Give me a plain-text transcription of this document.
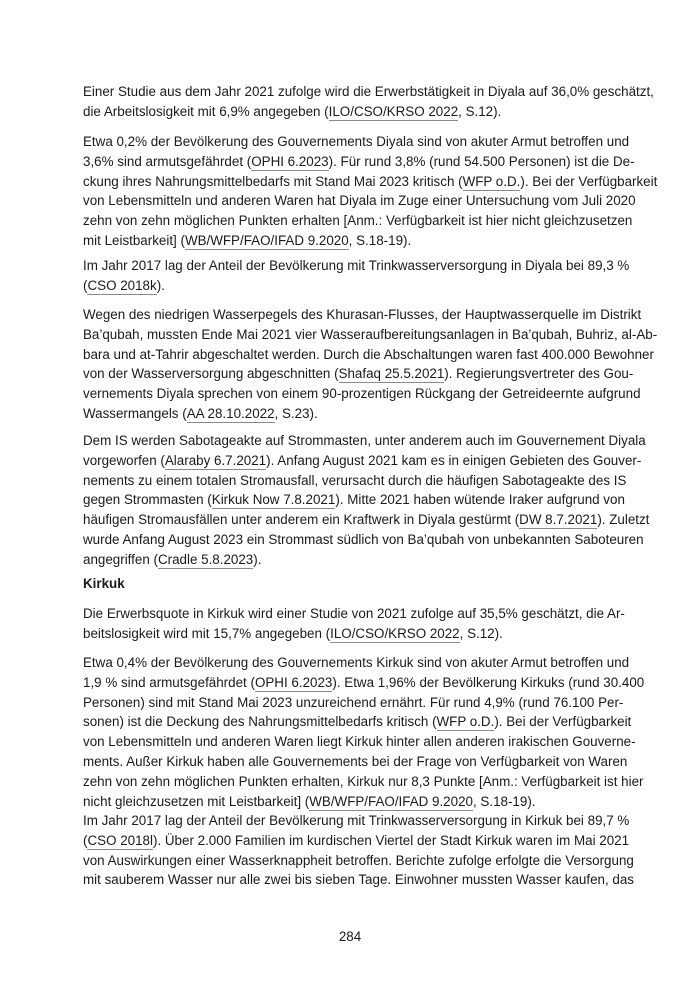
Einer Studie aus dem Jahr 2021 zufolge wird die Erwerbstätigkeit in Diyala auf 36,0% geschätzt,
die Arbeitslosigkeit mit 6,9% angegeben (ILO/CSO/KRSO 2022, S.12).
Etwa 0,2% der Bevölkerung des Gouvernements Diyala sind von akuter Armut betroffen und
3,6% sind armutsgefährdet (OPHI 6.2023). Für rund 3,8% (rund 54.500 Personen) ist die De-
ckung ihres Nahrungsmittelbedarfs mit Stand Mai 2023 kritisch (WFP o.D.). Bei der Verfügbarkeit
von Lebensmitteln und anderen Waren hat Diyala im Zuge einer Untersuchung vom Juli 2020
zehn von zehn möglichen Punkten erhalten [Anm.: Verfügbarkeit ist hier nicht gleichzusetzen
mit Leistbarkeit] (WB/WFP/FAO/IFAD 9.2020, S.18-19).
Im Jahr 2017 lag der Anteil der Bevölkerung mit Trinkwasserversorgung in Diyala bei 89,3 %
(CSO 2018k).
Wegen des niedrigen Wasserpegels des Khurasan-Flusses, der Hauptwasserquelle im Distrikt
Ba’qubah, mussten Ende Mai 2021 vier Wasseraufbereitungsanlagen in Ba’qubah, Buhriz, al-Ab-
bara und at-Tahrir abgeschaltet werden. Durch die Abschaltungen waren fast 400.000 Bewohner
von der Wasserversorgung abgeschnitten (Shafaq 25.5.2021). Regierungsvertreter des Gou-
vernements Diyala sprechen von einem 90-prozentigen Rückgang der Getreideernte aufgrund
Wassermangels (AA 28.10.2022, S.23).
Dem IS werden Sabotageakte auf Strommasten, unter anderem auch im Gouvernement Diyala
vorgeworfen (Alaraby 6.7.2021). Anfang August 2021 kam es in einigen Gebieten des Gouver-
nements zu einem totalen Stromausfall, verursacht durch die häufigen Sabotageakte des IS
gegen Strommasten (Kirkuk Now 7.8.2021). Mitte 2021 haben wütende Iraker aufgrund von
häufigen Stromausfällen unter anderem ein Kraftwerk in Diyala gestürmt (DW 8.7.2021). Zuletzt
wurde Anfang August 2023 ein Strommast südlich von Ba’qubah von unbekannten Saboteuren
angegriffen (Cradle 5.8.2023).
Kirkuk
Die Erwerbsquote in Kirkuk wird einer Studie von 2021 zufolge auf 35,5% geschätzt, die Ar-
beitslosigkeit wird mit 15,7% angegeben (ILO/CSO/KRSO 2022, S.12).
Etwa 0,4% der Bevölkerung des Gouvernements Kirkuk sind von akuter Armut betroffen und
1,9 % sind armutsgefährdet (OPHI 6.2023). Etwa 1,96% der Bevölkerung Kirkuks (rund 30.400
Personen) sind mit Stand Mai 2023 unzureichend ernährt. Für rund 4,9% (rund 76.100 Per-
sonen) ist die Deckung des Nahrungsmittelbedarfs kritisch (WFP o.D.). Bei der Verfügbarkeit
von Lebensmitteln und anderen Waren liegt Kirkuk hinter allen anderen irakischen Gouverne-
ments. Außer Kirkuk haben alle Gouvernements bei der Frage von Verfügbarkeit von Waren
zehn von zehn möglichen Punkten erhalten, Kirkuk nur 8,3 Punkte [Anm.: Verfügbarkeit ist hier
nicht gleichzusetzen mit Leistbarkeit] (WB/WFP/FAO/IFAD 9.2020, S.18-19).
Im Jahr 2017 lag der Anteil der Bevölkerung mit Trinkwasserversorgung in Kirkuk bei 89,7 %
(CSO 2018l). Über 2.000 Familien im kurdischen Viertel der Stadt Kirkuk waren im Mai 2021
von Auswirkungen einer Wasserknappheit betroffen. Berichte zufolge erfolgte die Versorgung
mit sauberem Wasser nur alle zwei bis sieben Tage. Einwohner mussten Wasser kaufen, das
284
